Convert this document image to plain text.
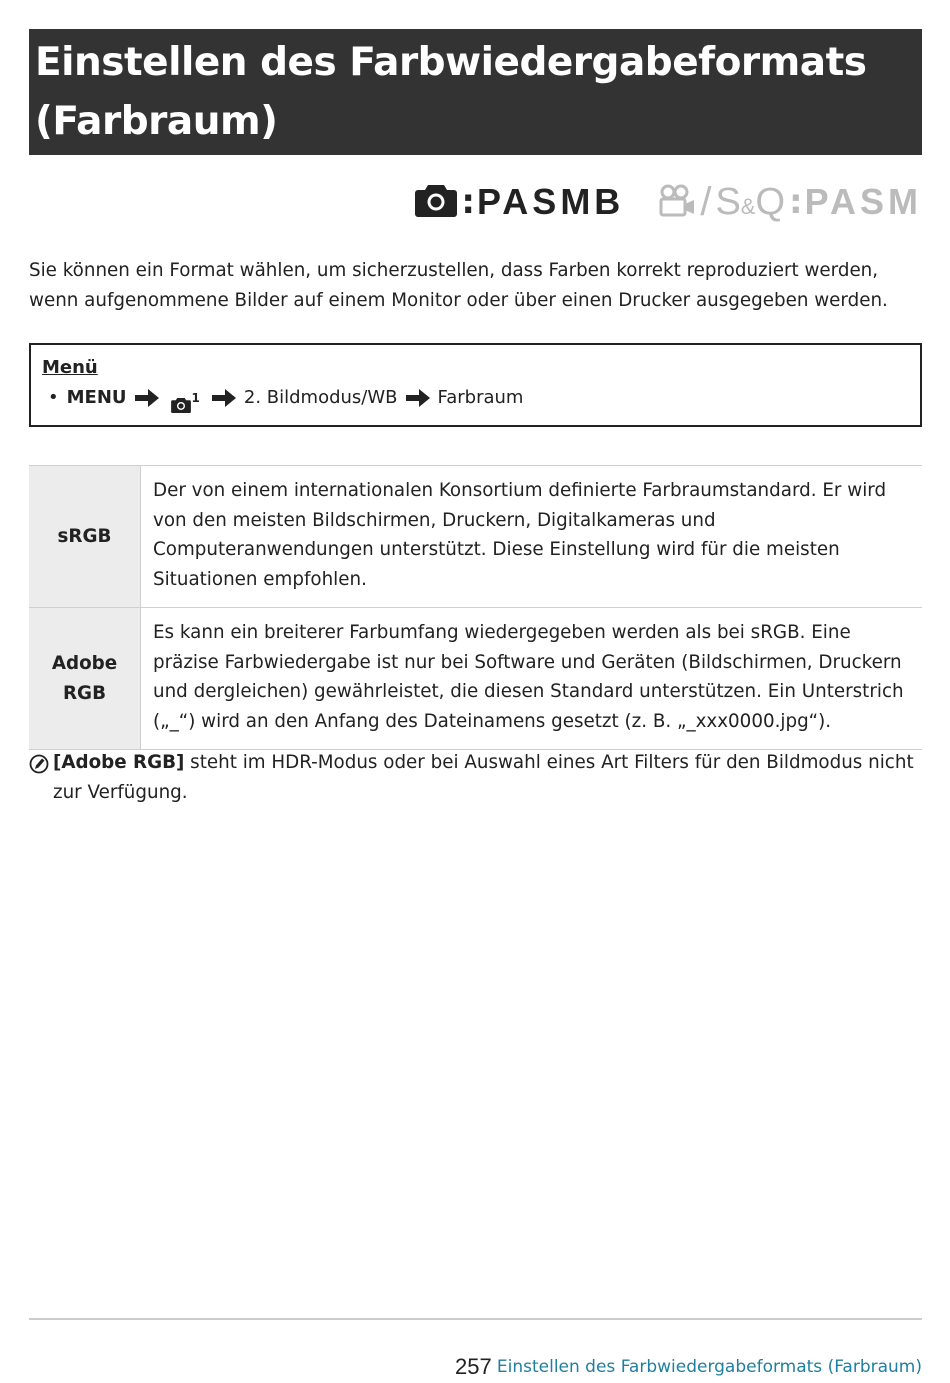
Einstellen des Farbwiedergabeformats
(Farbraum)
: PASMB / S&Q : PASM

Sie können ein Format wählen, um sicherzustellen, dass Farben korrekt reproduziert werden, wenn aufgenommene Bilder auf einem Monitor oder über einen Drucker ausgegeben werden.

Menü
• MENU	$^1$ 2. Bildmodus/WB Farbraum
sRGB	Der von einem internationalen Konsortium definierte Farbraumstandard. Er wird von den meisten Bildschirmen, Druckern, Digitalkameras und Computeranwendungen unterstützt. Diese Einstellung wird für die meisten Situationen empfohlen.
Adobe
RGB	Es kann ein breiterer Farbumfang wiedergegeben werden als bei sRGB. Eine präzise Farbwiedergabe ist nur bei Software und Geräten (Bildschirmen, Druckern und dergleichen) gewährleistet, die diesen Standard unterstützen. Ein Unterstrich („_“) wird an den Anfang des Dateinamens gesetzt (z. B. „_xxx0000.jpg“).
[Adobe RGB] steht im HDR-Modus oder bei Auswahl eines Art Filters für den Bildmodus nicht zur Verfügung.
257 Einstellen des Farbwiedergabeformats (Farbraum)
